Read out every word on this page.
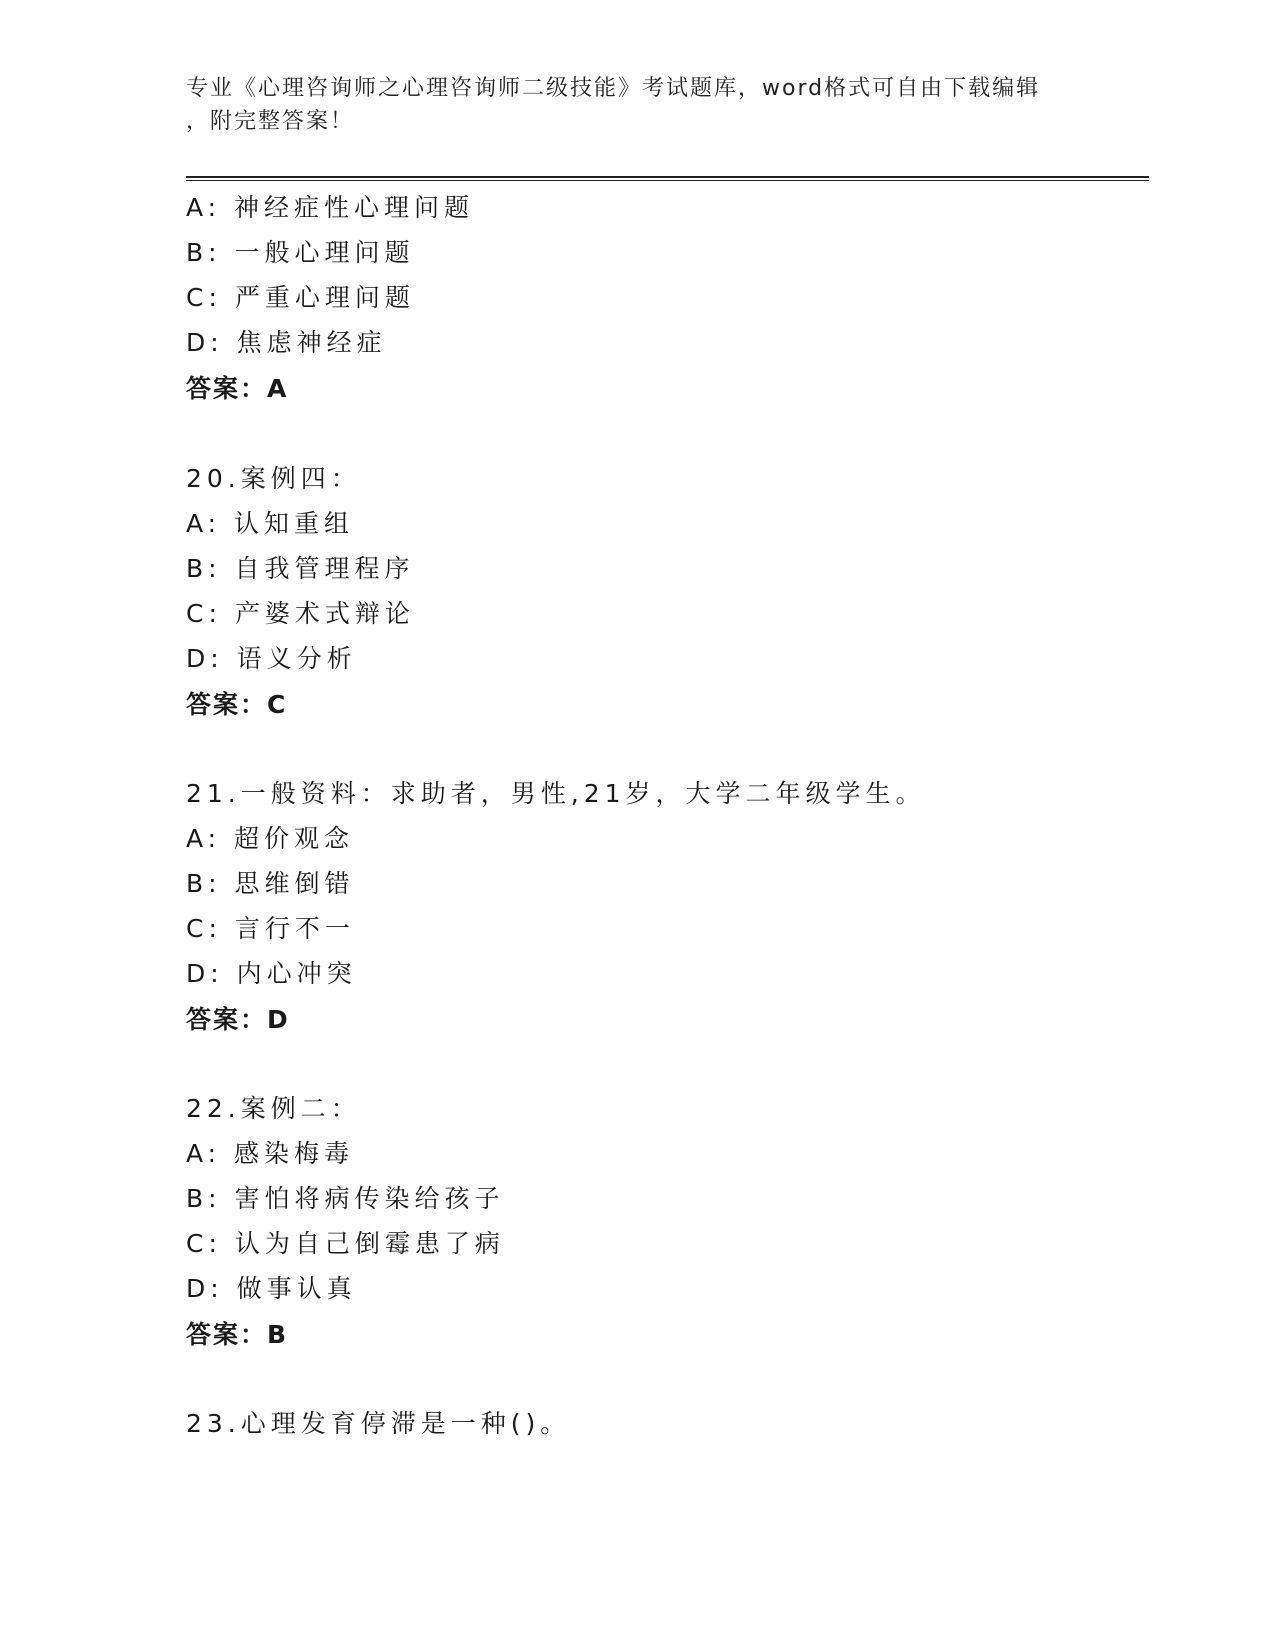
专业《心理咨询师之心理咨询师二级技能》考试题库，word格式可自由下载编辑
，附完整答案！
A: 神经症性心理问题
B: 一般心理问题
C: 严重心理问题
D: 焦虑神经症
答案：A
20.案例四：
A: 认知重组
B: 自我管理程序
C: 产婆术式辩论
D: 语义分析
答案：C
21.一般资料：求助者，男性,21岁，大学二年级学生。
A: 超价观念
B: 思维倒错
C: 言行不一
D: 内心冲突
答案：D
22.案例二：
A: 感染梅毒
B: 害怕将病传染给孩子
C: 认为自己倒霉患了病
D: 做事认真
答案：B
23.心理发育停滞是一种()。
